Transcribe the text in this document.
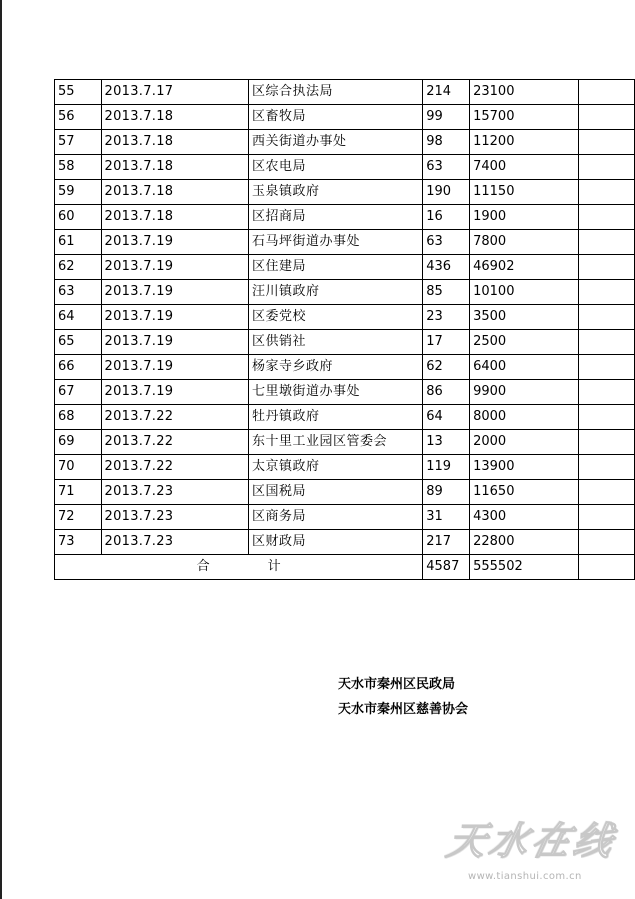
55	2013.7.17	区综合执法局	214	23100	
56	2013.7.18	区畜牧局	99	15700	
57	2013.7.18	西关街道办事处	98	11200	
58	2013.7.18	区农电局	63	7400	
59	2013.7.18	玉泉镇政府	190	11150	
60	2013.7.18	区招商局	16	1900	
61	2013.7.19	石马坪街道办事处	63	7800	
62	2013.7.19	区住建局	436	46902	
63	2013.7.19	汪川镇政府	85	10100	
64	2013.7.19	区委党校	23	3500	
65	2013.7.19	区供销社	17	2500	
66	2013.7.19	杨家寺乡政府	62	6400	
67	2013.7.19	七里墩街道办事处	86	9900	
68	2013.7.22	牡丹镇政府	64	8000	
69	2013.7.22	东十里工业园区管委会	13	2000	
70	2013.7.22	太京镇政府	119	13900	
71	2013.7.23	区国税局	89	11650	
72	2013.7.23	区商务局	31	4300	
73	2013.7.23	区财政局	217	22800	
合 计			4587	555502	
天水市秦州区民政局
天水市秦州区慈善协会
天水在线
www.tianshui.com.cn
